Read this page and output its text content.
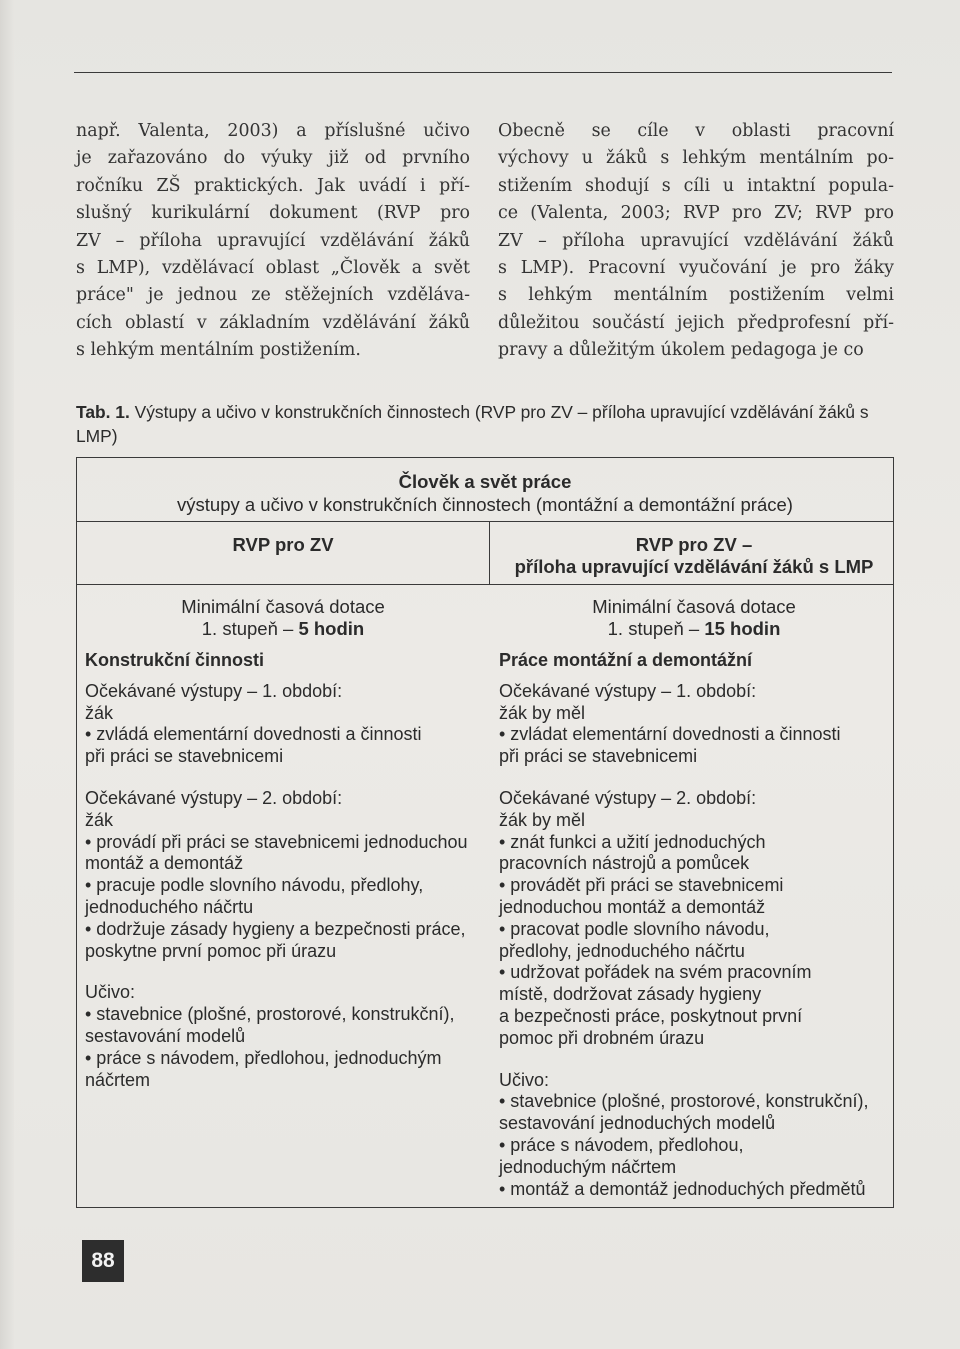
např. Valenta, 2003) a příslušné učivo
je zařazováno do výuky již od prvního
ročníku ZŠ praktických. Jak uvádí i pří-
slušný kurikulární dokument (RVP pro
ZV – příloha upravující vzdělávání žáků
s LMP), vzdělávací oblast „Člověk a svět
práce" je jednou ze stěžejních vzděláva-
cích oblastí v základním vzdělávání žáků
s lehkým mentálním postižením.
Obecně se cíle v oblasti pracovní
výchovy u žáků s lehkým mentálním po-
stižením shodují s cíli u intaktní popula-
ce (Valenta, 2003; RVP pro ZV; RVP pro
ZV – příloha upravující vzdělávání žáků
s LMP). Pracovní vyučování je pro žáky
s lehkým mentálním postižením velmi
důležitou součástí jejich předprofesní pří-
pravy a důležitým úkolem pedagoga je co
Tab. 1. Výstupy a učivo v konstrukčních činnostech (RVP pro ZV – příloha upravující vzdělávání žáků s LMP)
Člověk a svět práce
výstupy a učivo v konstrukčních činnostech (montážní a demontážní práce)
RVP pro ZV	RVP pro ZV –
příloha upravující vzdělávání žáků s LMP
Minimální časová dotace
1. stupeň – 5 hodin
Minimální časová dotace
1. stupeň – 15 hodin
Konstrukční činnosti
Očekávané výstupy – 1. období:
žák
• zvládá elementární dovednosti a činnosti
při práci se stavebnicemi
Očekávané výstupy – 2. období:
žák
• provádí při práci se stavebnicemi jednoduchou
montáž a demontáž
• pracuje podle slovního návodu, předlohy,
jednoduchého náčrtu
• dodržuje zásady hygieny a bezpečnosti práce,
poskytne první pomoc při úrazu
Učivo:
• stavebnice (plošné, prostorové, konstrukční),
sestavování modelů
• práce s návodem, předlohou, jednoduchým
náčrtem
Práce montážní a demontážní
Očekávané výstupy – 1. období:
žák by měl
• zvládat elementární dovednosti a činnosti
při práci se stavebnicemi
Očekávané výstupy – 2. období:
žák by měl
• znát funkci a užití jednoduchých
pracovních nástrojů a pomůcek
• provádět při práci se stavebnicemi
jednoduchou montáž a demontáž
• pracovat podle slovního návodu,
předlohy, jednoduchého náčrtu
• udržovat pořádek na svém pracovním
místě, dodržovat zásady hygieny
a bezpečnosti práce, poskytnout první
pomoc při drobném úrazu
Učivo:
• stavebnice (plošné, prostorové, konstrukční),
sestavování jednoduchých modelů
• práce s návodem, předlohou,
jednoduchým náčrtem
• montáž a demontáž jednoduchých předmětů
88
